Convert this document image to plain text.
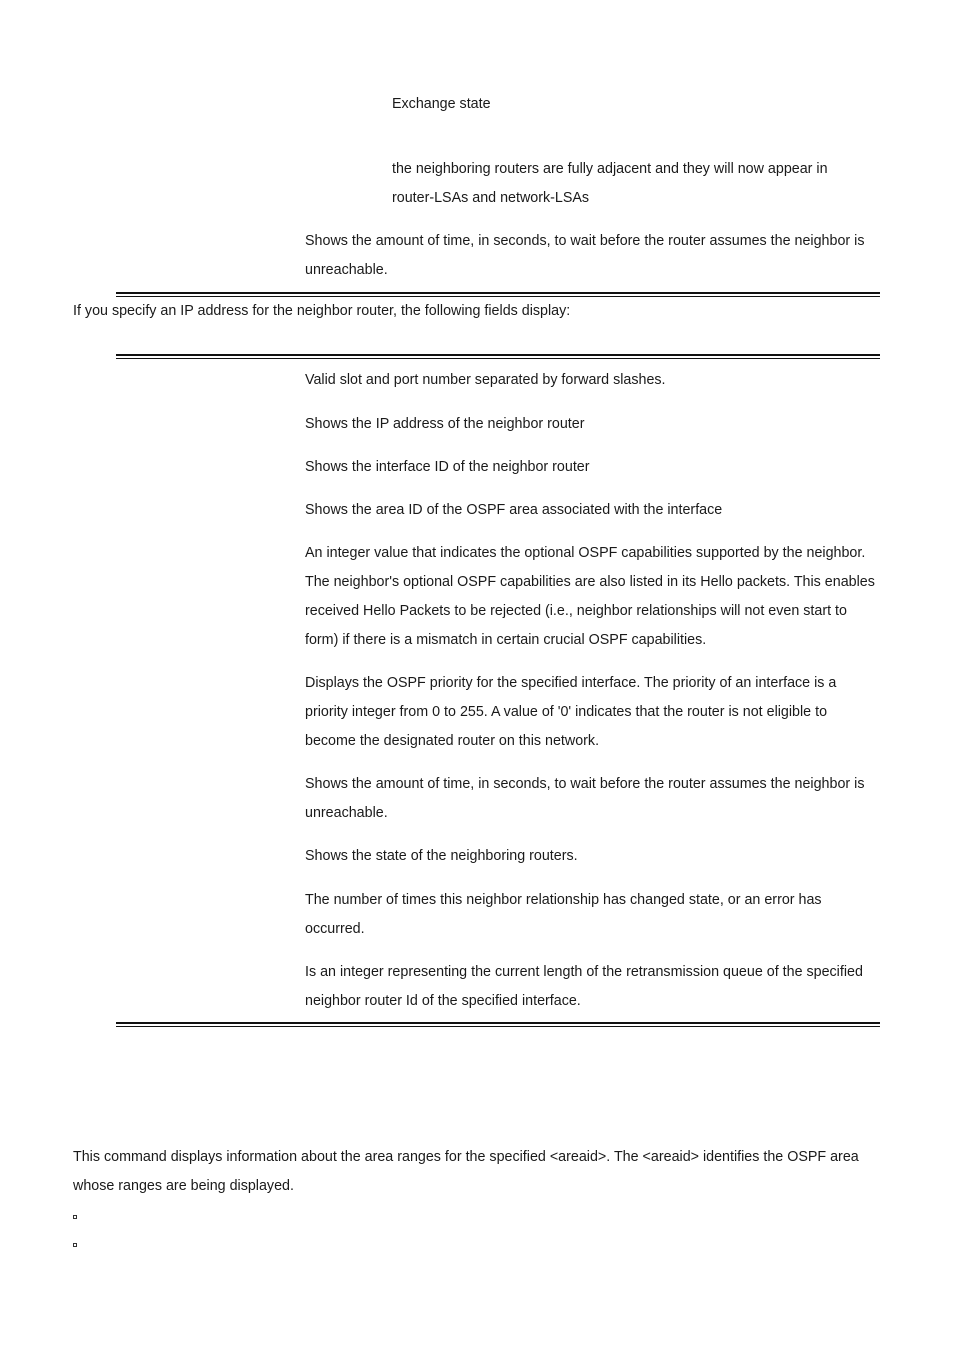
Exchange state
the neighboring routers are fully adjacent and they will now appear in
router-LSAs and network-LSAs
Shows the amount of time, in seconds, to wait before the router assumes the neighbor is
unreachable.
If you specify an IP address for the neighbor router, the following fields display:
Valid slot and port number separated by forward slashes.
Shows the IP address of the neighbor router
Shows the interface ID of the neighbor router
Shows the area ID of the OSPF area associated with the interface
An integer value that indicates the optional OSPF capabilities supported by the neighbor.
The neighbor's optional OSPF capabilities are also listed in its Hello packets. This enables
received Hello Packets to be rejected (i.e., neighbor relationships will not even start to
form) if there is a mismatch in certain crucial OSPF capabilities.
Displays the OSPF priority for the specified interface. The priority of an interface is a
priority integer from 0 to 255. A value of '0' indicates that the router is not eligible to
become the designated router on this network.
Shows the amount of time, in seconds, to wait before the router assumes the neighbor is
unreachable.
Shows the state of the neighboring routers.
The number of times this neighbor relationship has changed state, or an error has
occurred.
Is an integer representing the current length of the retransmission queue of the specified
neighbor router Id of the specified interface.
This command displays information about the area ranges for the specified <areaid>. The <areaid> identifies the OSPF area
whose ranges are being displayed.
